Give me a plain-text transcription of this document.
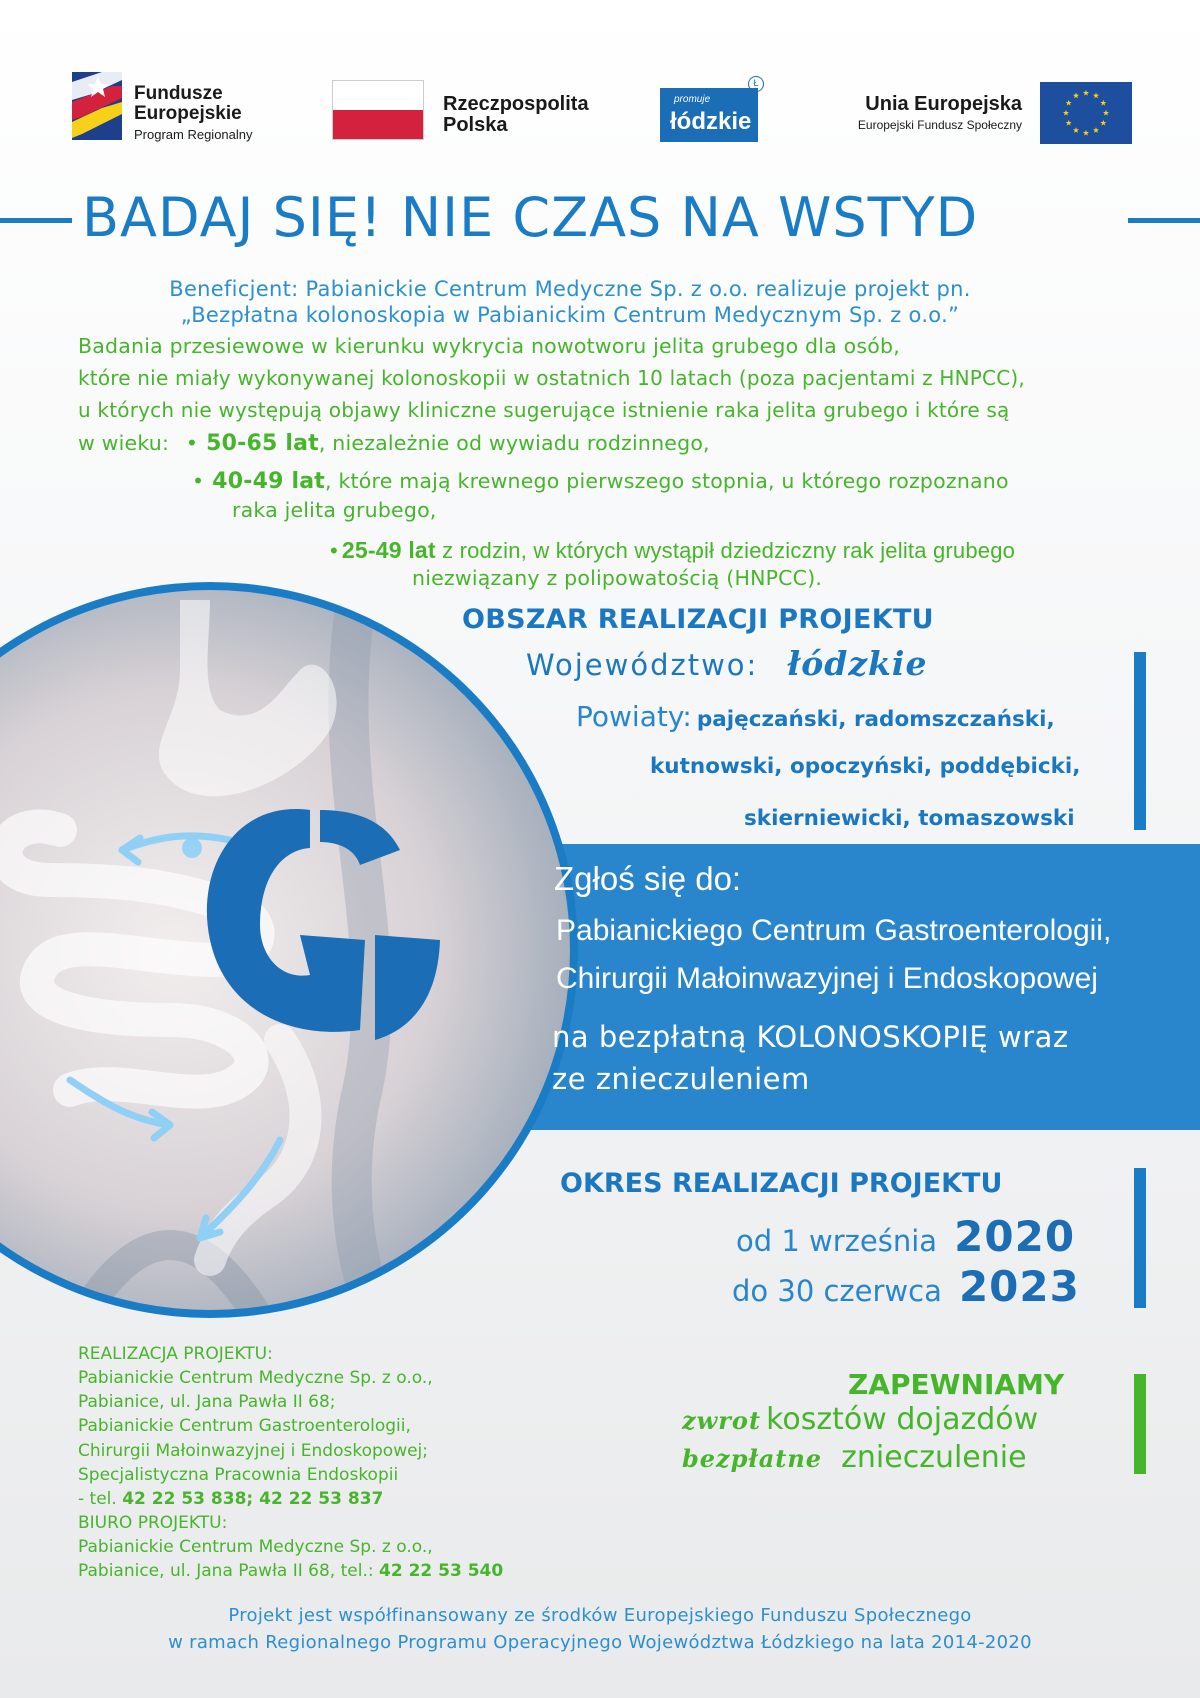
Fundusze
Europejskie
Program Regionalny
Rzeczpospolita
Polska
promuje
łódzkie
Ł
Unia Europejska
Europejski Fundusz Społeczny
BADAJ SIĘ! NIE CZAS NA WSTYD
Beneficjent: Pabianickie Centrum Medyczne Sp. z o.o. realizuje projekt pn.
„Bezpłatna kolonoskopia w Pabianickim Centrum Medycznym Sp. z o.o.”
Badania przesiewowe w kierunku wykrycia nowotworu jelita grubego dla osób,
które nie miały wykonywanej kolonoskopii w ostatnich 10 latach (poza pacjentami z HNPCC),
u których nie występują objawy kliniczne sugerujące istnienie raka jelita grubego i które są
w wieku: • 50-65 lat, niezależnie od wywiadu rodzinnego,
• 40-49 lat, które mają krewnego pierwszego stopnia, u którego rozpoznano
raka jelita grubego,
• 25-49 lat z rodzin, w których wystąpił dziedziczny rak jelita grubego
niezwiązany z polipowatością (HNPCC).
OBSZAR REALIZACJI PROJEKTU
Województwo: łódzkie
Powiaty: pajęczański, radomszczański,
kutnowski, opoczyński, poddębicki,
skierniewicki, tomaszowski
Zgłoś się do:
Pabianickiego Centrum Gastroenterologii,
Chirurgii Małoinwazyjnej i Endoskopowej
na bezpłatną KOLONOSKOPIĘ wraz
ze znieczuleniem
OKRES REALIZACJI PROJEKTU
od 1 września 2020
do 30 czerwca 2023
REALIZACJA PROJEKTU:
Pabianickie Centrum Medyczne Sp. z o.o.,
Pabianice, ul. Jana Pawła II 68;
Pabianickie Centrum Gastroenterologii,
Chirurgii Małoinwazyjnej i Endoskopowej;
Specjalistyczna Pracownia Endoskopii
- tel. 42 22 53 838; 42 22 53 837
BIURO PROJEKTU:
Pabianickie Centrum Medyczne Sp. z o.o.,
Pabianice, ul. Jana Pawła II 68, tel.: 42 22 53 540
ZAPEWNIAMY
zwrot kosztów dojazdów
bezpłatne znieczulenie
Projekt jest współfinansowany ze środków Europejskiego Funduszu Społecznego
w ramach Regionalnego Programu Operacyjnego Województwa Łódzkiego na lata 2014-2020
